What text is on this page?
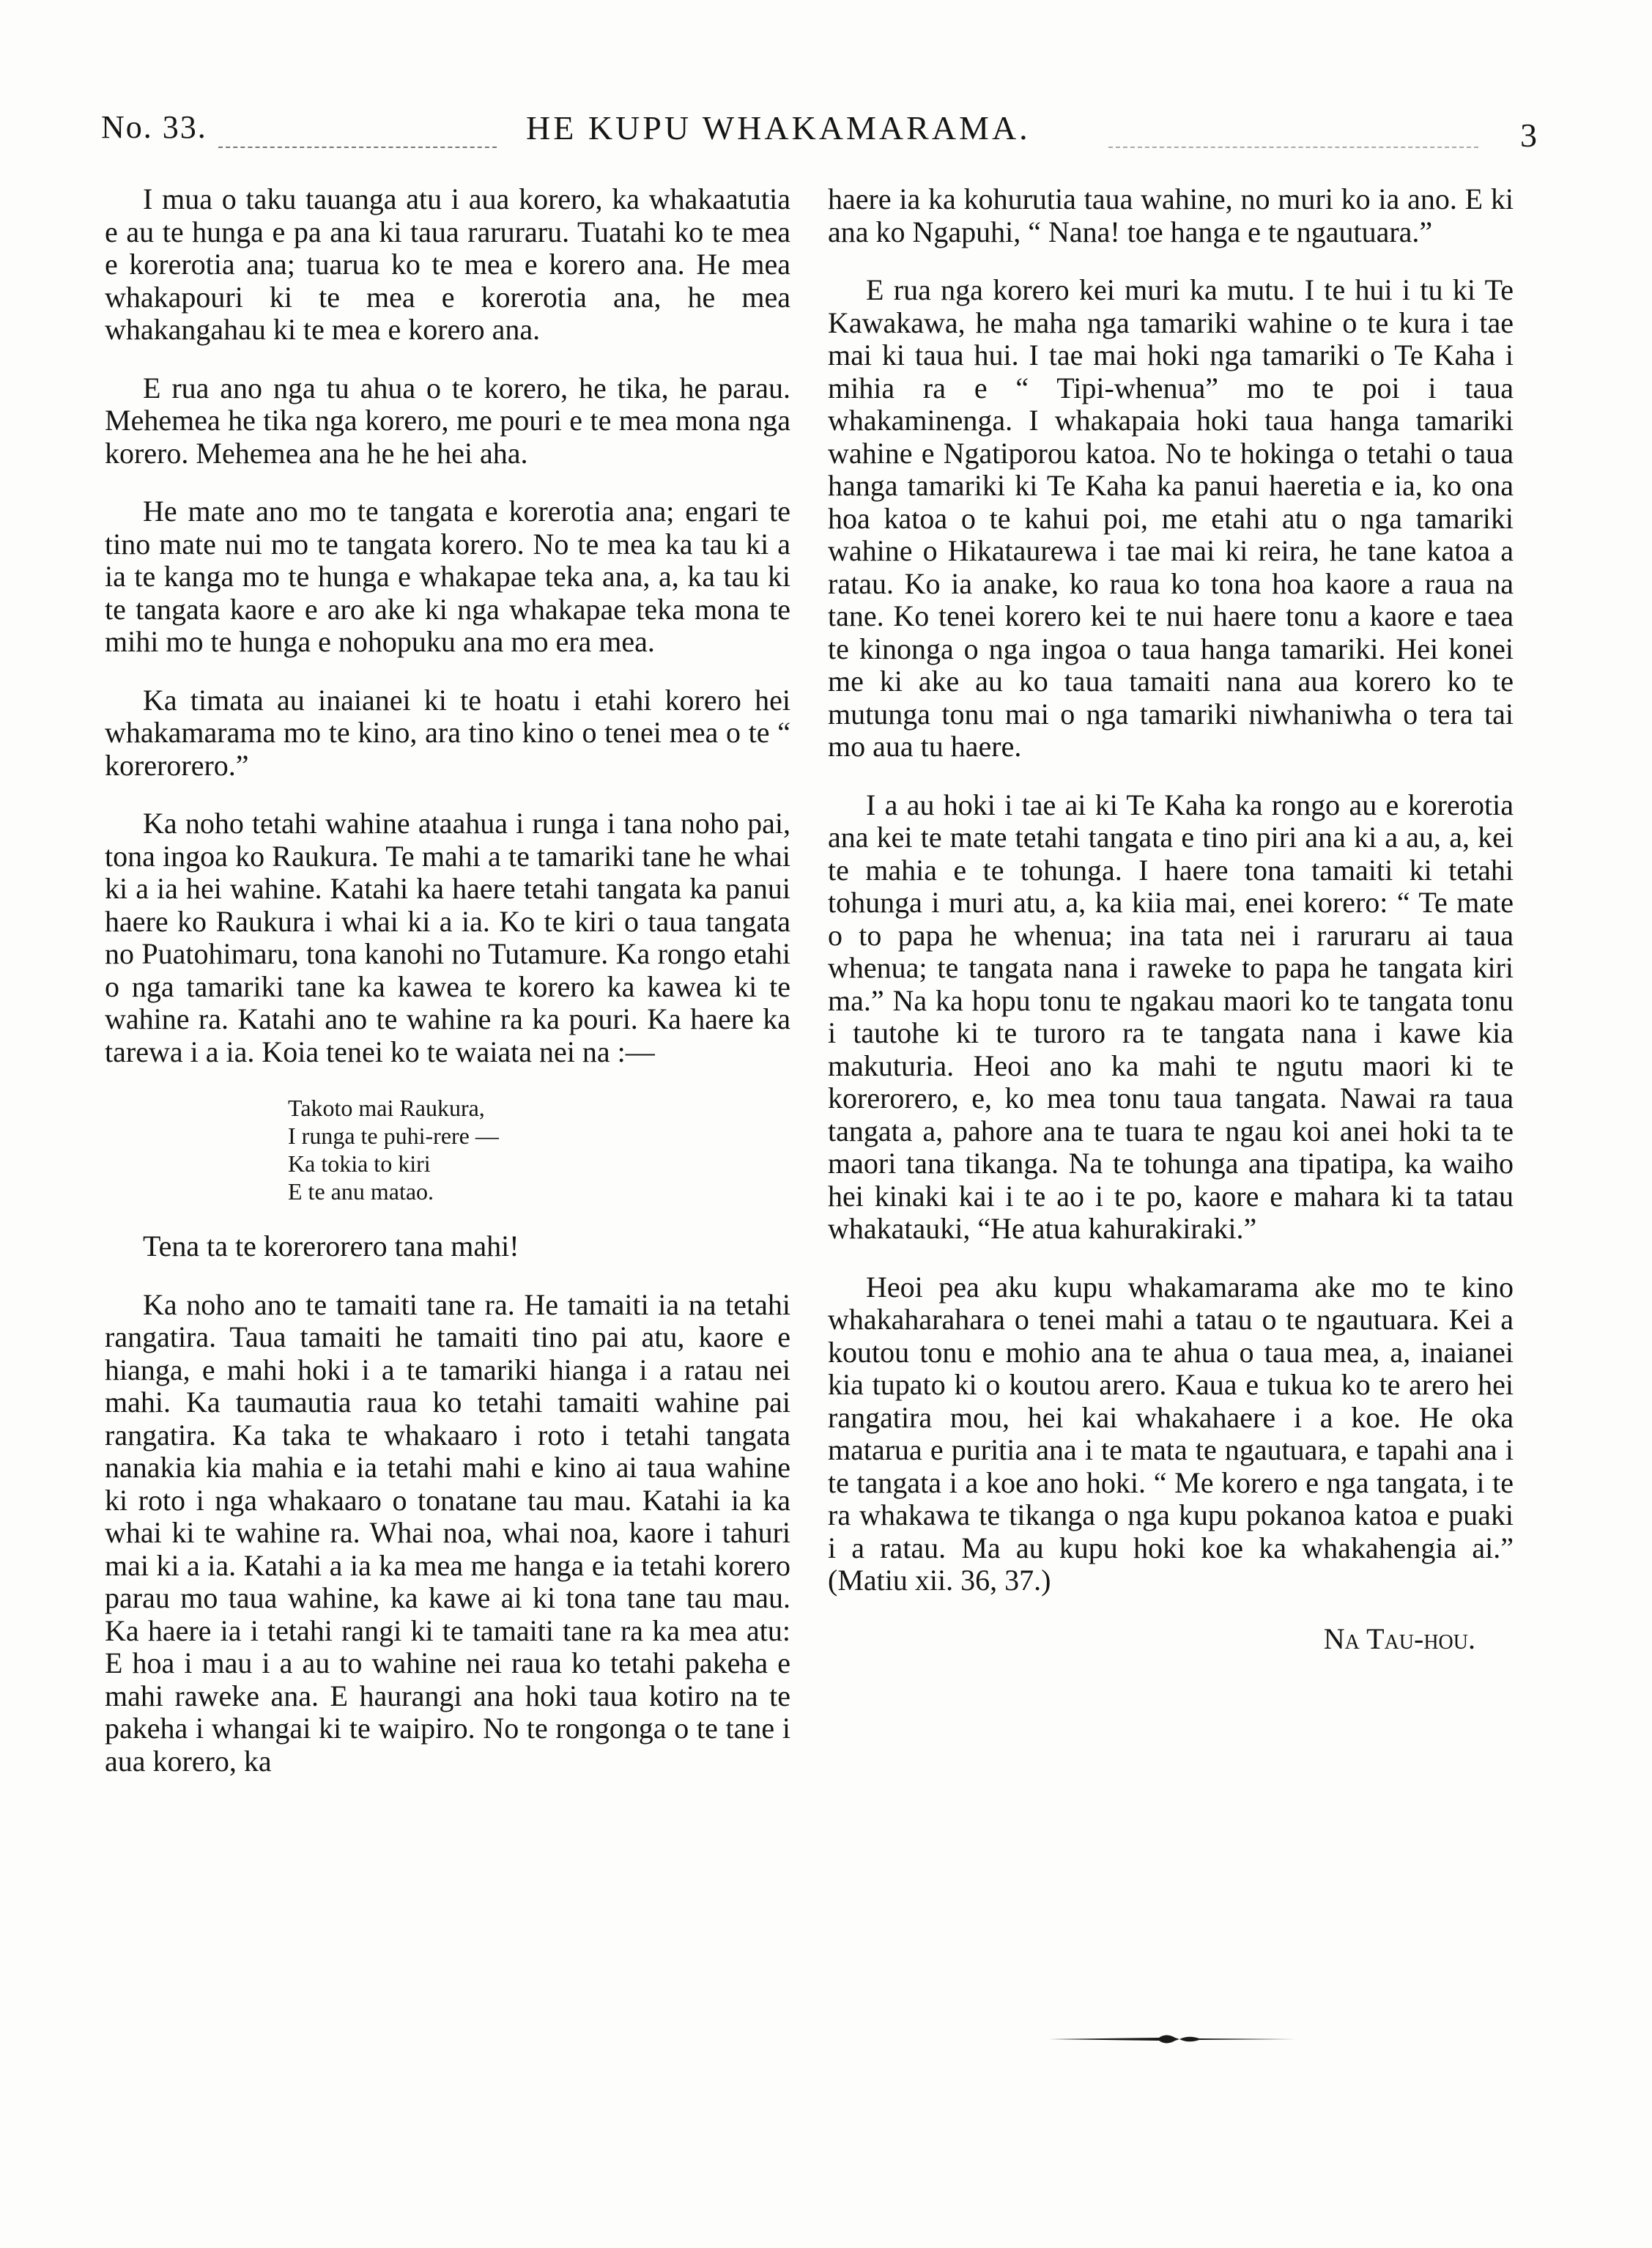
No. 33.	HE KUPU WHAKAMARAMA.	3

I mua o taku tauanga atu i aua korero, ka whakaatutia e au te hunga e pa ana ki taua raruraru. Tuatahi ko te mea e korerotia ana; tuarua ko te mea e korero ana. He mea whakapouri ki te mea e korerotia ana, he mea whakangahau ki te mea e korero ana.

E rua ano nga tu ahua o te korero, he tika, he parau. Mehemea he tika nga korero, me pouri e te mea mona nga korero. Mehemea ana he he hei aha.

He mate ano mo te tangata e korerotia ana; engari te tino mate nui mo te tangata korero. No te mea ka tau ki a ia te kanga mo te hunga e whakapae teka ana, a, ka tau ki te tangata kaore e aro ake ki nga whakapae teka mona te mihi mo te hunga e nohopuku ana mo era mea.

Ka timata au inaianei ki te hoatu i etahi korero hei whakamarama mo te kino, ara tino kino o tenei mea o te “ korerorero.”

Ka noho tetahi wahine ataahua i runga i tana noho pai, tona ingoa ko Raukura. Te mahi a te tamariki tane he whai ki a ia hei wahine. Katahi ka haere tetahi tangata ka panui haere ko Raukura i whai ki a ia. Ko te kiri o taua tangata no Puatohimaru, tona kanohi no Tutamure. Ka rongo etahi o nga tamariki tane ka kawea te korero ka kawea ki te wahine ra. Katahi ano te wahine ra ka pouri. Ka haere ka tarewa i a ia. Koia tenei ko te waiata nei na :—

Takoto mai Raukura,
I runga te puhi-rere —
Ka tokia to kiri
E te anu matao.

Tena ta te korerorero tana mahi!

Ka noho ano te tamaiti tane ra. He tamaiti ia na tetahi rangatira. Taua tamaiti he tamaiti tino pai atu, kaore e hianga, e mahi hoki i a te tamariki hianga i a ratau nei mahi. Ka taumautia raua ko tetahi tamaiti wahine pai rangatira. Ka taka te whakaaro i roto i tetahi tangata nanakia kia mahia e ia tetahi mahi e kino ai taua wahine ki roto i nga whakaaro o tonatane tau mau. Katahi ia ka whai ki te wahine ra. Whai noa, whai noa, kaore i tahuri mai ki a ia. Katahi a ia ka mea me hanga e ia tetahi korero parau mo taua wahine, ka kawe ai ki tona tane tau mau. Ka haere ia i tetahi rangi ki te tamaiti tane ra ka mea atu: E hoa i mau i a au to wahine nei raua ko tetahi pakeha e mahi raweke ana. E haurangi ana hoki taua kotiro na te pakeha i whangai ki te waipiro. No te rongonga o te tane i aua korero, ka

haere ia ka kohurutia taua wahine, no muri ko ia ano. E ki ana ko Ngapuhi, “ Nana! toe hanga e te ngautuara.”

E rua nga korero kei muri ka mutu. I te hui i tu ki Te Kawakawa, he maha nga tamariki wahine o te kura i tae mai ki taua hui. I tae mai hoki nga tamariki o Te Kaha i mihia ra e “ Tipi-whenua” mo te poi i taua whakaminenga. I whakapaia hoki taua hanga tamariki wahine e Ngatiporou katoa. No te hokinga o tetahi o taua hanga tamariki ki Te Kaha ka panui haeretia e ia, ko ona hoa katoa o te kahui poi, me etahi atu o nga tamariki wahine o Hikataurewa i tae mai ki reira, he tane katoa a ratau. Ko ia anake, ko raua ko tona hoa kaore a raua na tane. Ko tenei korero kei te nui haere tonu a kaore e taea te kinonga o nga ingoa o taua hanga tamariki. Hei konei me ki ake au ko taua tamaiti nana aua korero ko te mutunga tonu mai o nga tamariki niwhaniwha o tera tai mo aua tu haere.

I a au hoki i tae ai ki Te Kaha ka rongo au e korerotia ana kei te mate tetahi tangata e tino piri ana ki a au, a, kei te mahia e te tohunga. I haere tona tamaiti ki tetahi tohunga i muri atu, a, ka kiia mai, enei korero: “ Te mate o to papa he whenua; ina tata nei i raruraru ai taua whenua; te tangata nana i raweke to papa he tangata kiri ma.” Na ka hopu tonu te ngakau maori ko te tangata tonu i tautohe ki te turoro ra te tangata nana i kawe kia makuturia. Heoi ano ka mahi te ngutu maori ki te korerorero, e, ko mea tonu taua tangata. Nawai ra taua tangata a, pahore ana te tuara te ngau koi anei hoki ta te maori tana tikanga. Na te tohunga ana tipatipa, ka waiho hei kinaki kai i te ao i te po, kaore e mahara ki ta tatau whakatauki, “He atua kahurakiraki.”

Heoi pea aku kupu whakamarama ake mo te kino whakaharahara o tenei mahi a tatau o te ngautuara. Kei a koutou tonu e mohio ana te ahua o taua mea, a, inaianei kia tupato ki o koutou arero. Kaua e tukua ko te arero hei rangatira mou, hei kai whakahaere i a koe. He oka matarua e puritia ana i te mata te ngautuara, e tapahi ana i te tangata i a koe ano hoki. “ Me korero e nga tangata, i te ra whakawa te tikanga o nga kupu pokanoa katoa e puaki i a ratau. Ma au kupu hoki koe ka whakahengia ai.” (Matiu xii. 36, 37.)

Na Tau-hou.
